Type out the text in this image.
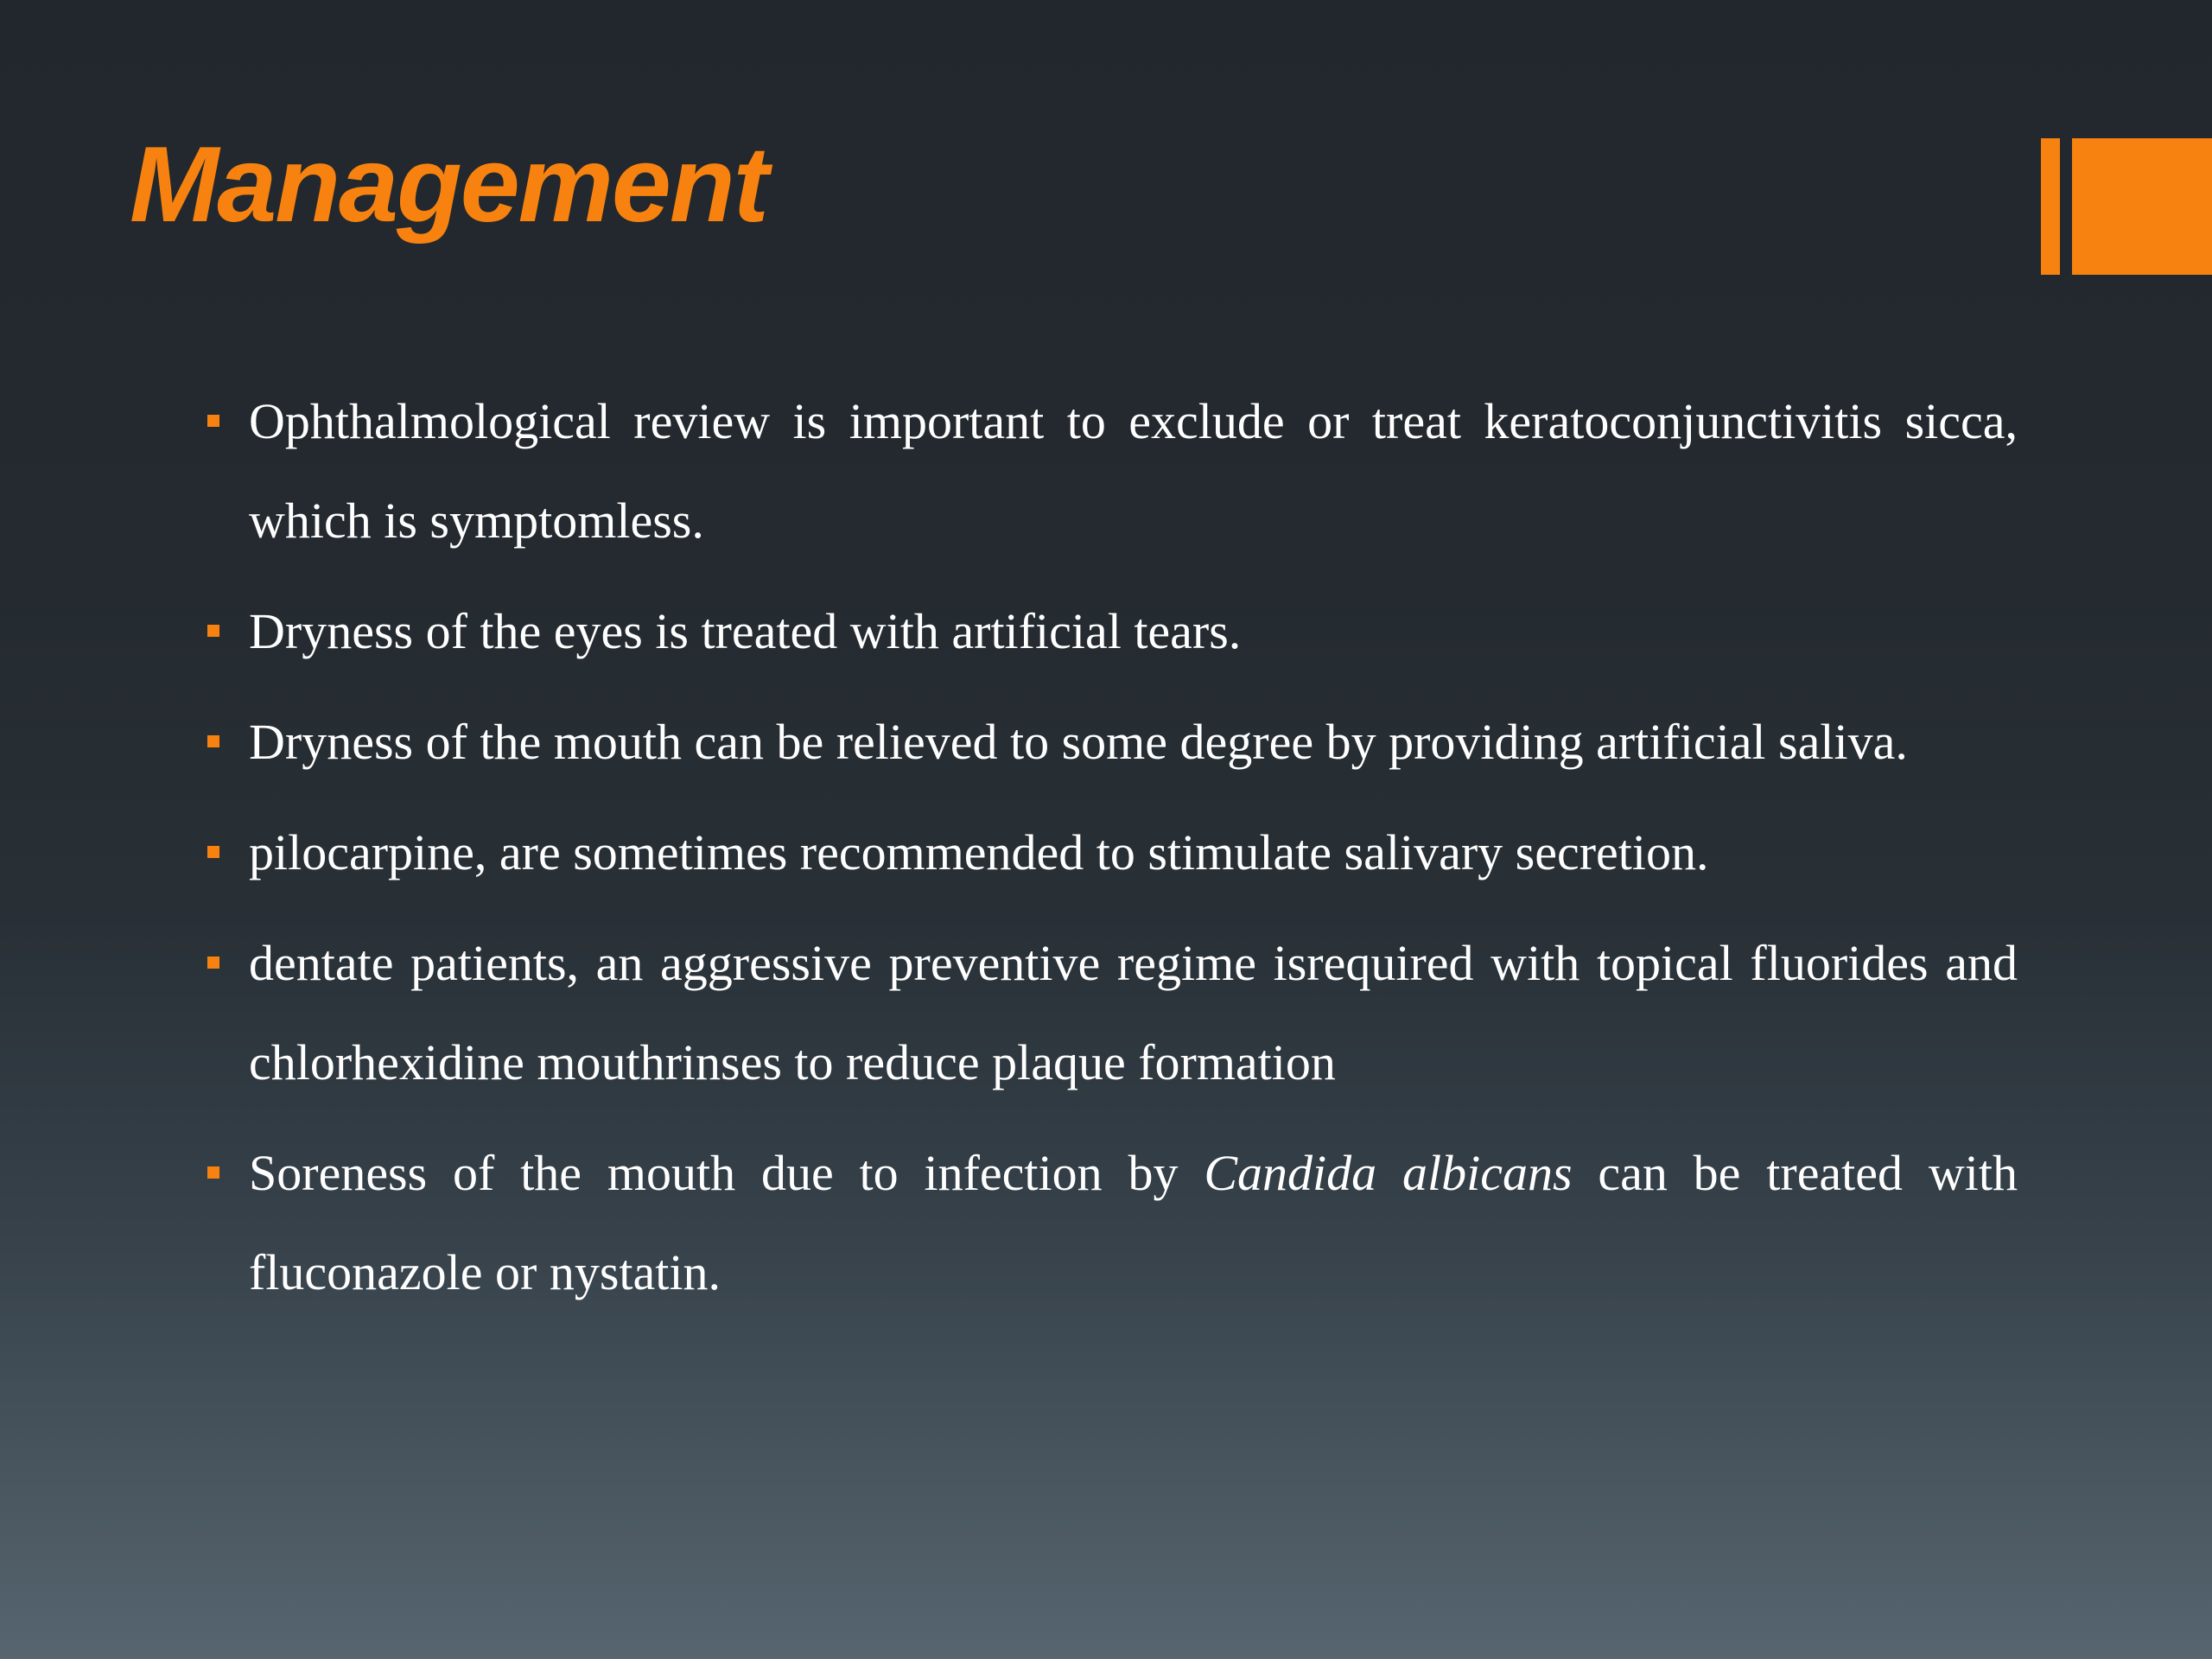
Management
Ophthalmological review is important to exclude or treat keratoconjunctivitis sicca, which is symptomless.
Dryness of the eyes is treated with artificial tears.
Dryness of the mouth can be relieved to some degree by providing artificial saliva.
pilocarpine, are sometimes recommended to stimulate salivary secretion.
dentate patients, an aggressive preventive regime isrequired with topical fluorides and chlorhexidine mouthrinses to reduce plaque formation
Soreness of the mouth due to infection by Candida albicans can be treated with fluconazole or nystatin.
